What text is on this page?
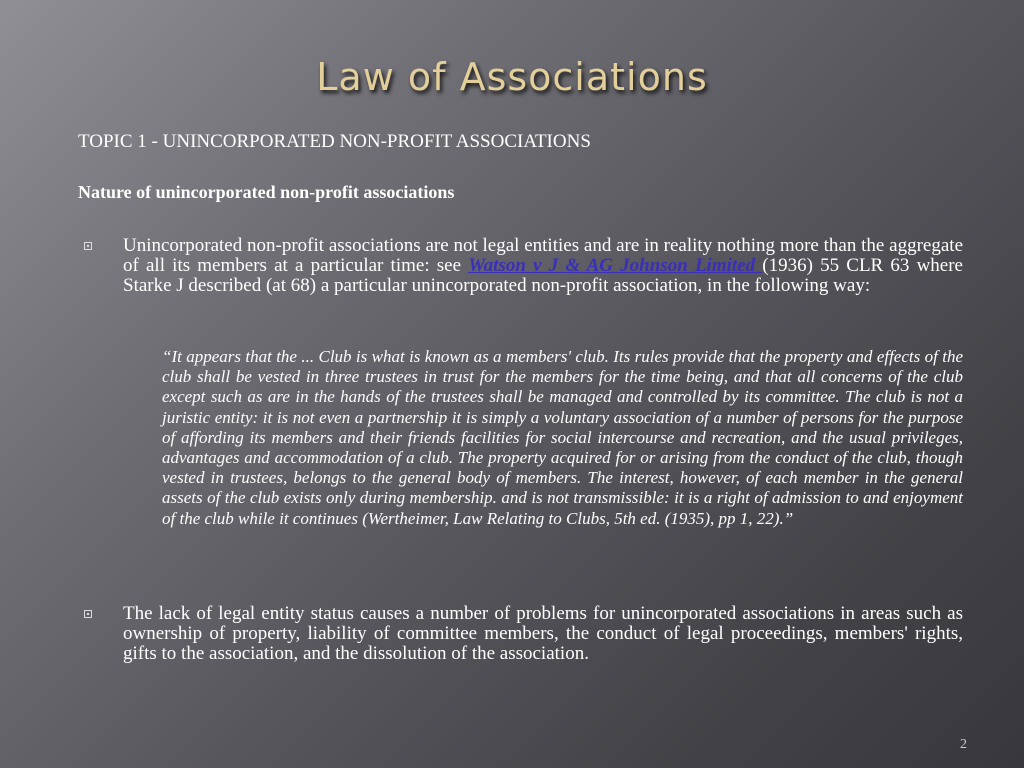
Law of Associations
TOPIC 1 - UNINCORPORATED NON-PROFIT ASSOCIATIONS
Nature of unincorporated non-profit associations
Unincorporated non-profit associations are not legal entities and are in reality nothing more than the aggregate of all its members at a particular time: see Watson v J & AG Johnson Limited (1936) 55 CLR 63 where Starke J described (at 68) a particular unincorporated non-profit association, in the following way:
“It appears that the ... Club is what is known as a members' club. Its rules provide that the property and effects of the club shall be vested in three trustees in trust for the members for the time being, and that all concerns of the club except such as are in the hands of the trustees shall be managed and controlled by its committee. The club is not a juristic entity: it is not even a partnership it is simply a voluntary association of a number of persons for the purpose of affording its members and their friends facilities for social intercourse and recreation, and the usual privileges, advantages and accommodation of a club. The property acquired for or arising from the conduct of the club, though vested in trustees, belongs to the general body of members. The interest, however, of each member in the general assets of the club exists only during membership. and is not transmissible: it is a right of admission to and enjoyment of the club while it continues (Wertheimer, Law Relating to Clubs, 5th ed. (1935), pp 1, 22).”
The lack of legal entity status causes a number of problems for unincorporated associations in areas such as ownership of property, liability of committee members, the conduct of legal proceedings, members' rights, gifts to the association, and the dissolution of the association.
2
